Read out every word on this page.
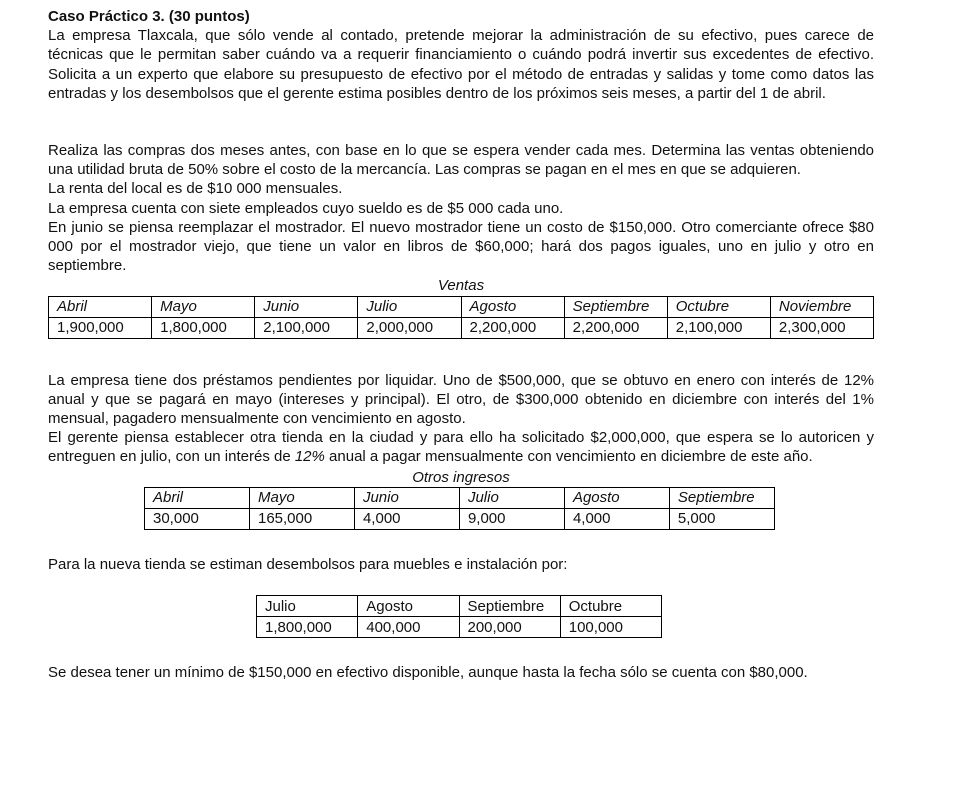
Caso Práctico 3. (30 puntos)

La empresa Tlaxcala, que sólo vende al contado, pretende mejorar la administración de su efectivo, pues carece de técnicas que le permitan saber cuándo va a requerir financiamiento o cuándo podrá invertir sus excedentes de efectivo. Solicita a un experto que elabore su presupuesto de efectivo por el método de entradas y salidas y tome como datos las entradas y los desembolsos que el gerente estima posibles dentro de los próximos seis meses, a partir del 1 de abril.

Realiza las compras dos meses antes, con base en lo que se espera vender cada mes. Determina las ventas obteniendo una utilidad bruta de 50% sobre el costo de la mercancía. Las compras se pagan en el mes en que se adquieren.

La renta del local es de $10 000 mensuales.

La empresa cuenta con siete empleados cuyo sueldo es de $5 000 cada uno.

En junio se piensa reemplazar el mostrador. El nuevo mostrador tiene un costo de $150,000. Otro comerciante ofrece $80 000 por el mostrador viejo, que tiene un valor en libros de $60,000; hará dos pagos iguales, uno en julio y otro en septiembre.

Ventas
Abril	Mayo	Junio	Julio	Agosto	Septiembre	Octubre	Noviembre
1,900,000	1,800,000	2,100,000	2,000,000	2,200,000	2,200,000	2,100,000	2,300,000

La empresa tiene dos préstamos pendientes por liquidar. Uno de $500,000, que se obtuvo en enero con interés de 12% anual y que se pagará en mayo (intereses y principal). El otro, de $300,000 obtenido en diciembre con interés del 1% mensual, pagadero mensualmente con vencimiento en agosto.

El gerente piensa establecer otra tienda en la ciudad y para ello ha solicitado $2,000,000, que espera se lo autoricen y entreguen en julio, con un interés de 12% anual a pagar mensualmente con vencimiento en diciembre de este año.

Otros ingresos
Abril	Mayo	Junio	Julio	Agosto	Septiembre
30,000	165,000	4,000	9,000	4,000	5,000

Para la nueva tienda se estiman desembolsos para muebles e instalación por:

Julio	Agosto	Septiembre	Octubre
1,800,000	400,000	200,000	100,000

Se desea tener un mínimo de $150,000 en efectivo disponible, aunque hasta la fecha sólo se cuenta con $80,000.
